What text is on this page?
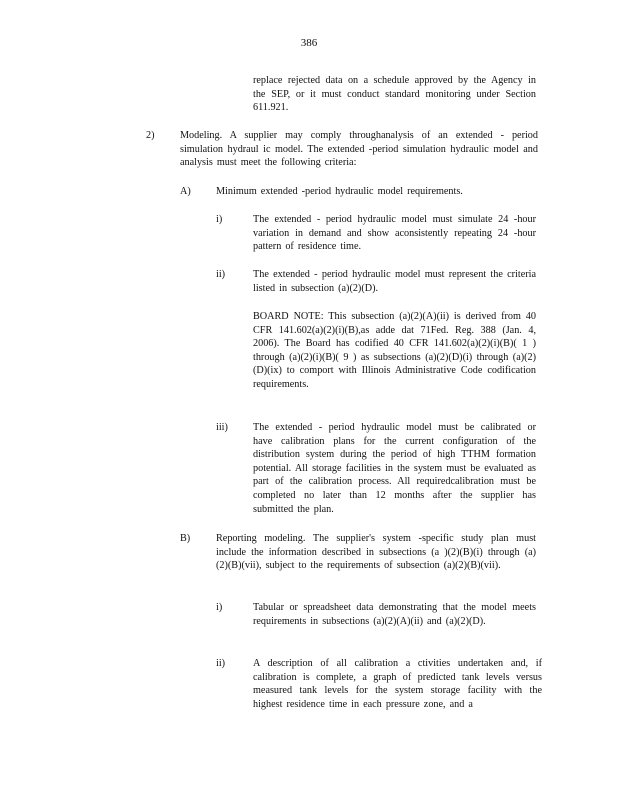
386

replace rejected data on a schedule approved by the Agency in the SEP, or it must conduct standard monitoring under Section 611.921.

2)	Modeling. A supplier may comply throughanalysis of an extended - period simulation hydraul ic model. The extended -period simulation hydraulic model and analysis must meet the following criteria:

A) Minimum extended -period hydraulic model requirements.

i)	The extended - period hydraulic model must simulate 24 -hour variation in demand and show aconsistently repeating 24 -hour pattern of residence time.

ii)	The extended - period hydraulic model must represent the criteria listed in subsection (a)(2)(D).

BOARD NOTE: This subsection (a)(2)(A)(ii) is derived from 40 CFR 141.602(a)(2)(i)(B),as adde dat 71Fed. Reg. 388 (Jan. 4, 2006). The Board has codified 40 CFR 141.602(a)(2)(i)(B)( 1 ) through (a)(2)(i)(B)( 9 ) as subsections (a)(2)(D)(i) through (a)(2)(D)(ix) to comport with Illinois Administrative Code codification requirements.

iii) The extended - period hydraulic model must be calibrated or have calibration plans for the current configuration of the distribution system during the period of high TTHM formation potential. All storage facilities in the system must be evaluated as part of the calibration process. All requiredcalibration must be completed no later than 12 months after the supplier has submitted the plan.

B)	Reporting modeling. The supplier's system -specific study plan must include the information described in subsections (a )(2)(B)(i) through (a)(2)(B)(vii), subject to the requirements of subsection (a)(2)(B)(vii).

i)	Tabular or spreadsheet data demonstrating that the model meets requirements in subsections (a)(2)(A)(ii) and (a)(2)(D).

ii)	A description of all calibration a ctivities undertaken and, if calibration is complete, a graph of predicted tank levels versus measured tank levels for the system storage facility with the highest residence time in each pressure zone, and a
